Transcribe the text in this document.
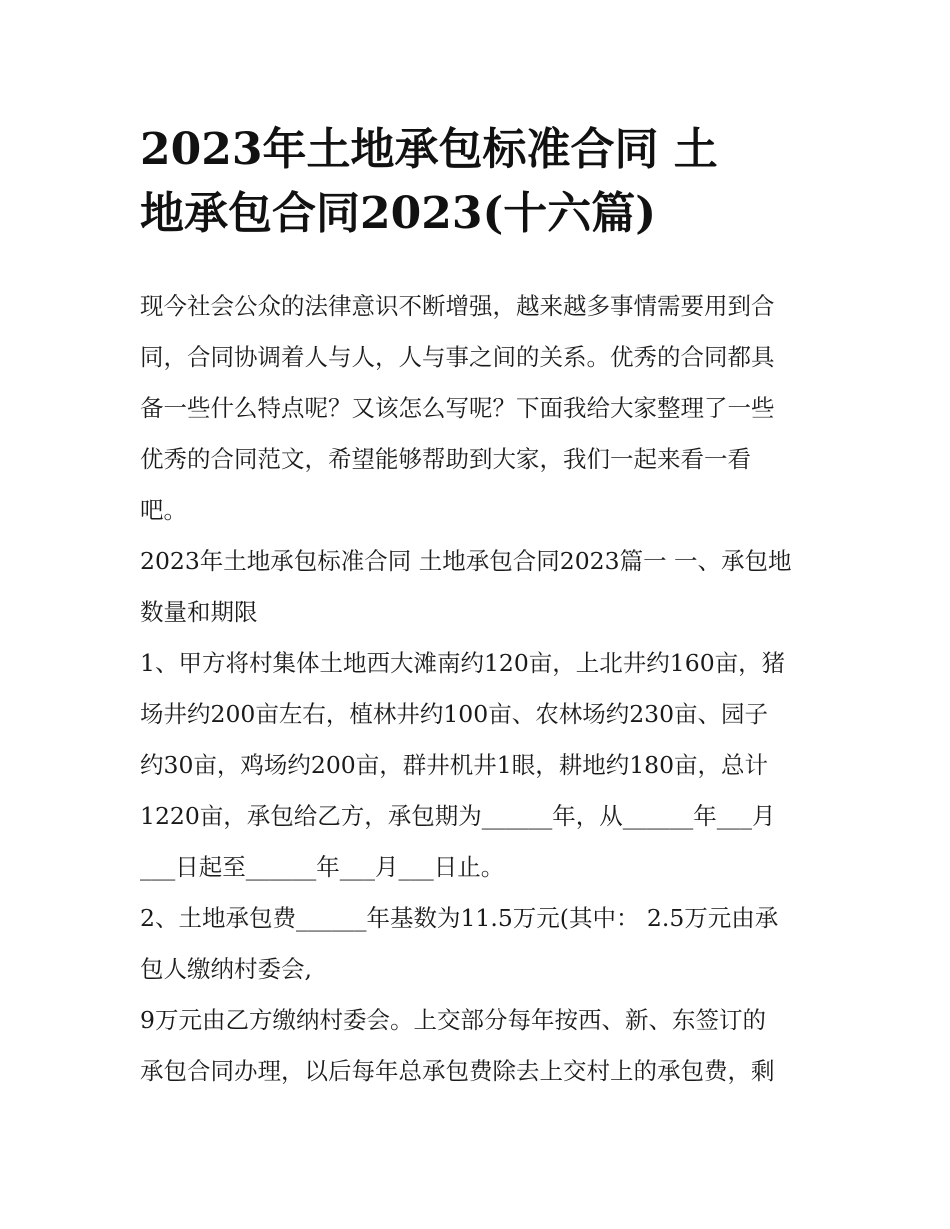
2023年土地承包标准合同 土
地承包合同2023(十六篇)
现今社会公众的法律意识不断增强，越来越多事情需要用到合
同，合同协调着人与人，人与事之间的关系。优秀的合同都具
备一些什么特点呢？又该怎么写呢？下面我给大家整理了一些
优秀的合同范文，希望能够帮助到大家，我们一起来看一看
吧。
2023年土地承包标准合同 土地承包合同2023篇一 一、承包地
数量和期限
1、甲方将村集体土地西大滩南约120亩，上北井约160亩，猪
场井约200亩左右，植林井约100亩、农林场约230亩、园子
约30亩，鸡场约200亩，群井机井1眼，耕地约180亩，总计
1220亩，承包给乙方，承包期为______年，从______年___月
___日起至______年___月___日止。
2、土地承包费______年基数为11.5万元(其中： 2.5万元由承
包人缴纳村委会,
9万元由乙方缴纳村委会。上交部分每年按西、新、东签订的
承包合同办理，以后每年总承包费除去上交村上的承包费，剩
